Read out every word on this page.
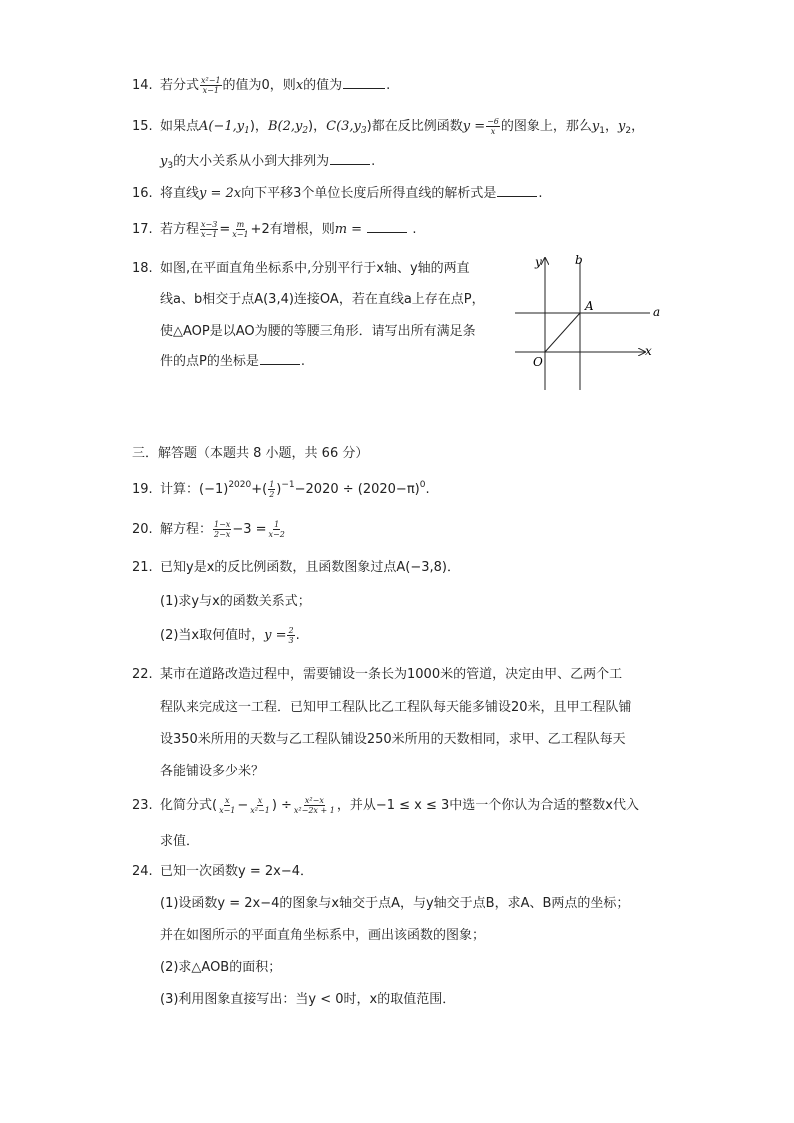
14. 若分式 $\frac{\text{x²−1}}{x-1}$ 的值为0，则x的值为	.
15. 如果点$A(-1,y_1)$，$B(2,y_2)$，$C(3,y_3)$都在反比例函数$y = \frac{-6}{x}$ 的图象上，那么$y_1$，$y_2$，
$y_3$的大小关系从小到大排列为	.
16. 将直线y = 2x向下平移3个单位长度后所得直线的解析式是	.
17. 若方程 $\frac{x-3}{x-1} = \frac{m}{x-1} +2$有增根，则m =	.
18. 如图,在平面直角坐标系中,分别平行于x轴、y轴的两直
线a、b相交于点A(3,4)连接OA，若在直线a上存在点P，
使△AOP是以AO为腰的等腰三角形．请写出所有满足条
件的点P的坐标是	.
y	b
A	a
x
O
三．解答题（本题共 8 小题，共 66 分）
19. 计算：$(-1)^{2020}+( \frac{1}{2} )^{-1}-2020 \div (2020-\pi)^0$.
20. 解方程： $\frac{1-x}{2-x} -3 = \frac{1}{x-2}$
21. 已知y是x的反比例函数，且函数图象过点A(−3,8)．
(1)求y与x的函数关系式；
(2)当x取何值时，$y = \frac{2}{3}$ .
22. 某市在道路改造过程中，需要铺设一条长为1000米的管道，决定由甲、乙两个工
程队来完成这一工程．已知甲工程队比乙工程队每天能多铺设20米，且甲工程队铺
设350米所用的天数与乙工程队铺设250米所用的天数相同，求甲、乙工程队每天
各能铺设多少米？
23. 化简分式( $\frac{x}{x-1} - \frac{x}{\text{x²−1}}$ ) ÷ $\frac{\text{x²−x}}{\text{x²−2x + 1}}$ ，并从−1 ≤ x ≤ 3中选一个你认为合适的整数x代入
求值．
24. 已知一次函数y = 2x−4．
(1)设函数y = 2x−4的图象与x轴交于点A，与y轴交于点B，求A、B两点的坐标；
并在如图所示的平面直角坐标系中，画出该函数的图象；
(2)求△AOB的面积；
(3)利用图象直接写出：当y < 0时，x的取值范围．
